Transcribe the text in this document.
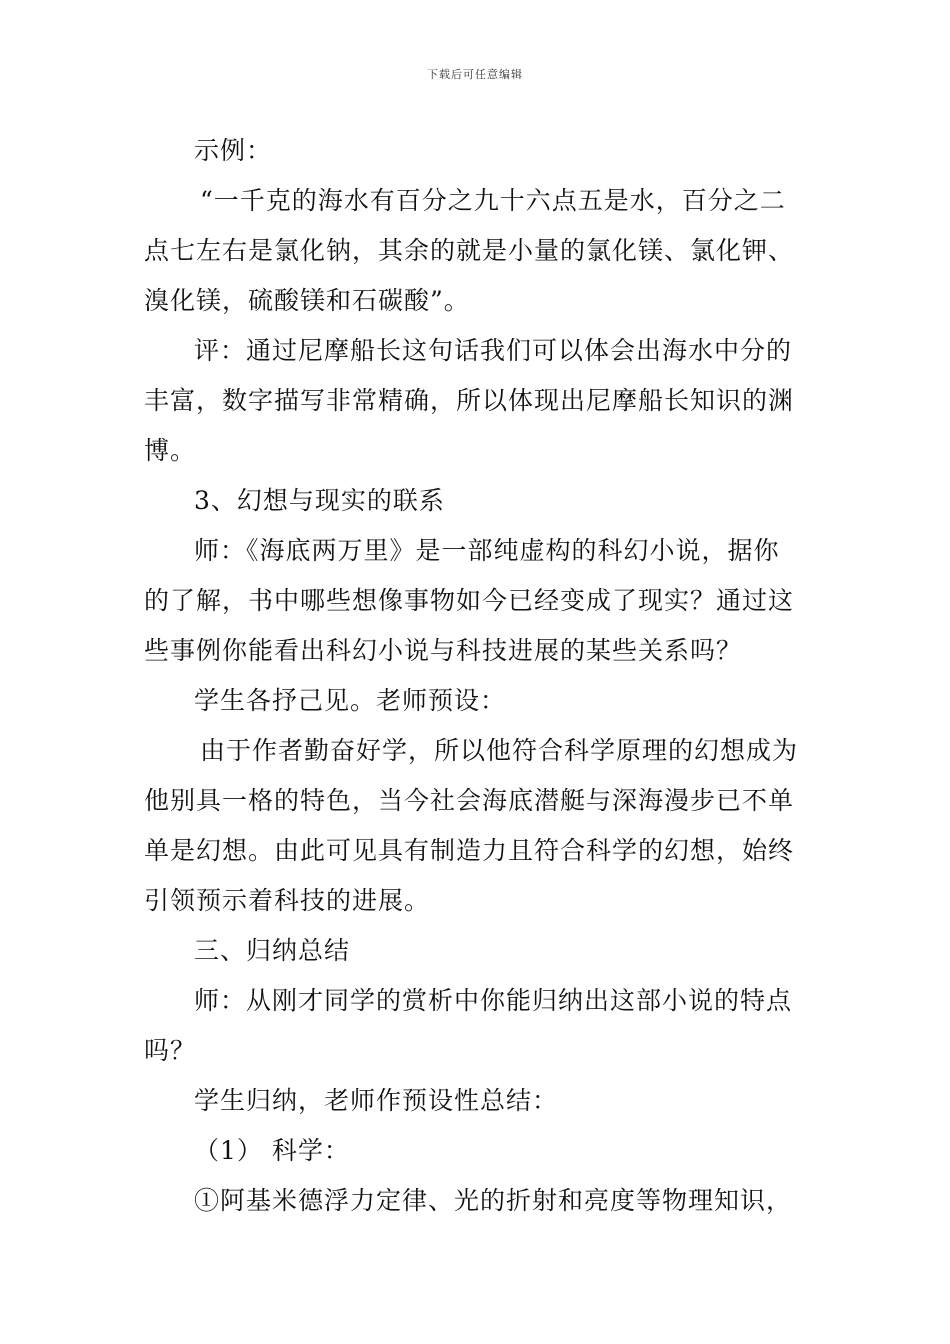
下载后可任意编辑
示例：
“一千克的海水有百分之九十六点五是水，百分之二
点七左右是氯化钠，其余的就是小量的氯化镁、氯化钾、
溴化镁，硫酸镁和石碳酸”。
评：通过尼摩船长这句话我们可以体会出海水中分的
丰富，数字描写非常精确，所以体现出尼摩船长知识的渊
博。
3、幻想与现实的联系
师：《海底两万里》是一部纯虚构的科幻小说，据你
的了解，书中哪些想像事物如今已经变成了现实？通过这
些事例你能看出科幻小说与科技进展的某些关系吗？
学生各抒己见。老师预设：
由于作者勤奋好学，所以他符合科学原理的幻想成为
他别具一格的特色，当今社会海底潜艇与深海漫步已不单
单是幻想。由此可见具有制造力且符合科学的幻想，始终
引领预示着科技的进展。
三、归纳总结
师：从刚才同学的赏析中你能归纳出这部小说的特点
吗？
学生归纳，老师作预设性总结：
（1） 科学：
①阿基米德浮力定律、光的折射和亮度等物理知识，
